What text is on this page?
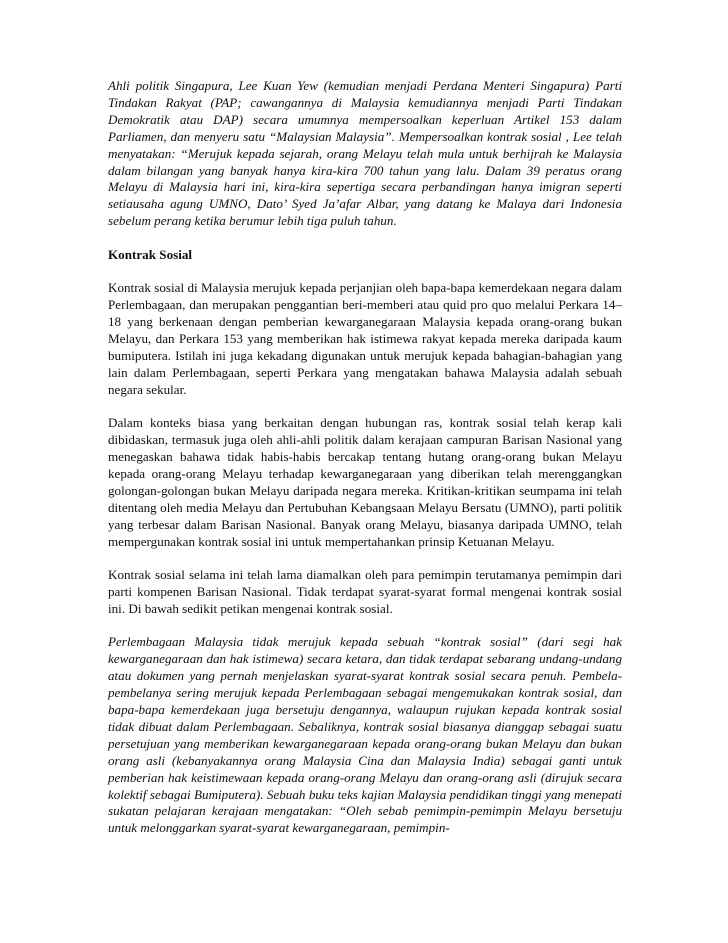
Ahli politik Singapura, Lee Kuan Yew (kemudian menjadi Perdana Menteri Singapura) Parti Tindakan Rakyat (PAP; cawangannya di Malaysia kemudiannya menjadi Parti Tindakan Demokratik atau DAP) secara umumnya mempersoalkan keperluan Artikel 153 dalam Parliamen, dan menyeru satu “Malaysian Malaysia”. Mempersoalkan kontrak sosial , Lee telah menyatakan: “Merujuk kepada sejarah, orang Melayu telah mula untuk berhijrah ke Malaysia dalam bilangan yang banyak hanya kira-kira 700 tahun yang lalu. Dalam 39 peratus orang Melayu di Malaysia hari ini, kira-kira sepertiga secara perbandingan hanya imigran seperti setiausaha agung UMNO, Dato’ Syed Ja’afar Albar, yang datang ke Malaya dari Indonesia sebelum perang ketika berumur lebih tiga puluh tahun.

Kontrak Sosial

Kontrak sosial di Malaysia merujuk kepada perjanjian oleh bapa-bapa kemerdekaan negara dalam Perlembagaan, dan merupakan penggantian beri-memberi atau quid pro quo melalui Perkara 14–18 yang berkenaan dengan pemberian kewarganegaraan Malaysia kepada orang-orang bukan Melayu, dan Perkara 153 yang memberikan hak istimewa rakyat kepada mereka daripada kaum bumiputera. Istilah ini juga kekadang digunakan untuk merujuk kepada bahagian-bahagian yang lain dalam Perlembagaan, seperti Perkara yang mengatakan bahawa Malaysia adalah sebuah negara sekular.

Dalam konteks biasa yang berkaitan dengan hubungan ras, kontrak sosial telah kerap kali dibidaskan, termasuk juga oleh ahli-ahli politik dalam kerajaan campuran Barisan Nasional yang menegaskan bahawa tidak habis-habis bercakap tentang hutang orang-orang bukan Melayu kepada orang-orang Melayu terhadap kewarganegaraan yang diberikan telah merenggangkan golongan-golongan bukan Melayu daripada negara mereka. Kritikan-kritikan seumpama ini telah ditentang oleh media Melayu dan Pertubuhan Kebangsaan Melayu Bersatu (UMNO), parti politik yang terbesar dalam Barisan Nasional. Banyak orang Melayu, biasanya daripada UMNO, telah mempergunakan kontrak sosial ini untuk mempertahankan prinsip Ketuanan Melayu.

Kontrak sosial selama ini telah lama diamalkan oleh para pemimpin terutamanya pemimpin dari parti kompenen Barisan Nasional. Tidak terdapat syarat-syarat formal mengenai kontrak sosial ini. Di bawah sedikit petikan mengenai kontrak sosial.

Perlembagaan Malaysia tidak merujuk kepada sebuah “kontrak sosial” (dari segi hak kewarganegaraan dan hak istimewa) secara ketara, dan tidak terdapat sebarang undang-undang atau dokumen yang pernah menjelaskan syarat-syarat kontrak sosial secara penuh. Pembela-pembelanya sering merujuk kepada Perlembagaan sebagai mengemukakan kontrak sosial, dan bapa-bapa kemerdekaan juga bersetuju dengannya, walaupun rujukan kepada kontrak sosial tidak dibuat dalam Perlembagaan. Sebaliknya, kontrak sosial biasanya dianggap sebagai suatu persetujuan yang memberikan kewarganegaraan kepada orang-orang bukan Melayu dan bukan orang asli (kebanyakannya orang Malaysia Cina dan Malaysia India) sebagai ganti untuk pemberian hak keistimewaan kepada orang-orang Melayu dan orang-orang asli (dirujuk secara kolektif sebagai Bumiputera). Sebuah buku teks kajian Malaysia pendidikan tinggi yang menepati sukatan pelajaran kerajaan mengatakan: “Oleh sebab pemimpin-pemimpin Melayu bersetuju untuk melonggarkan syarat-syarat kewarganegaraan, pemimpin-
